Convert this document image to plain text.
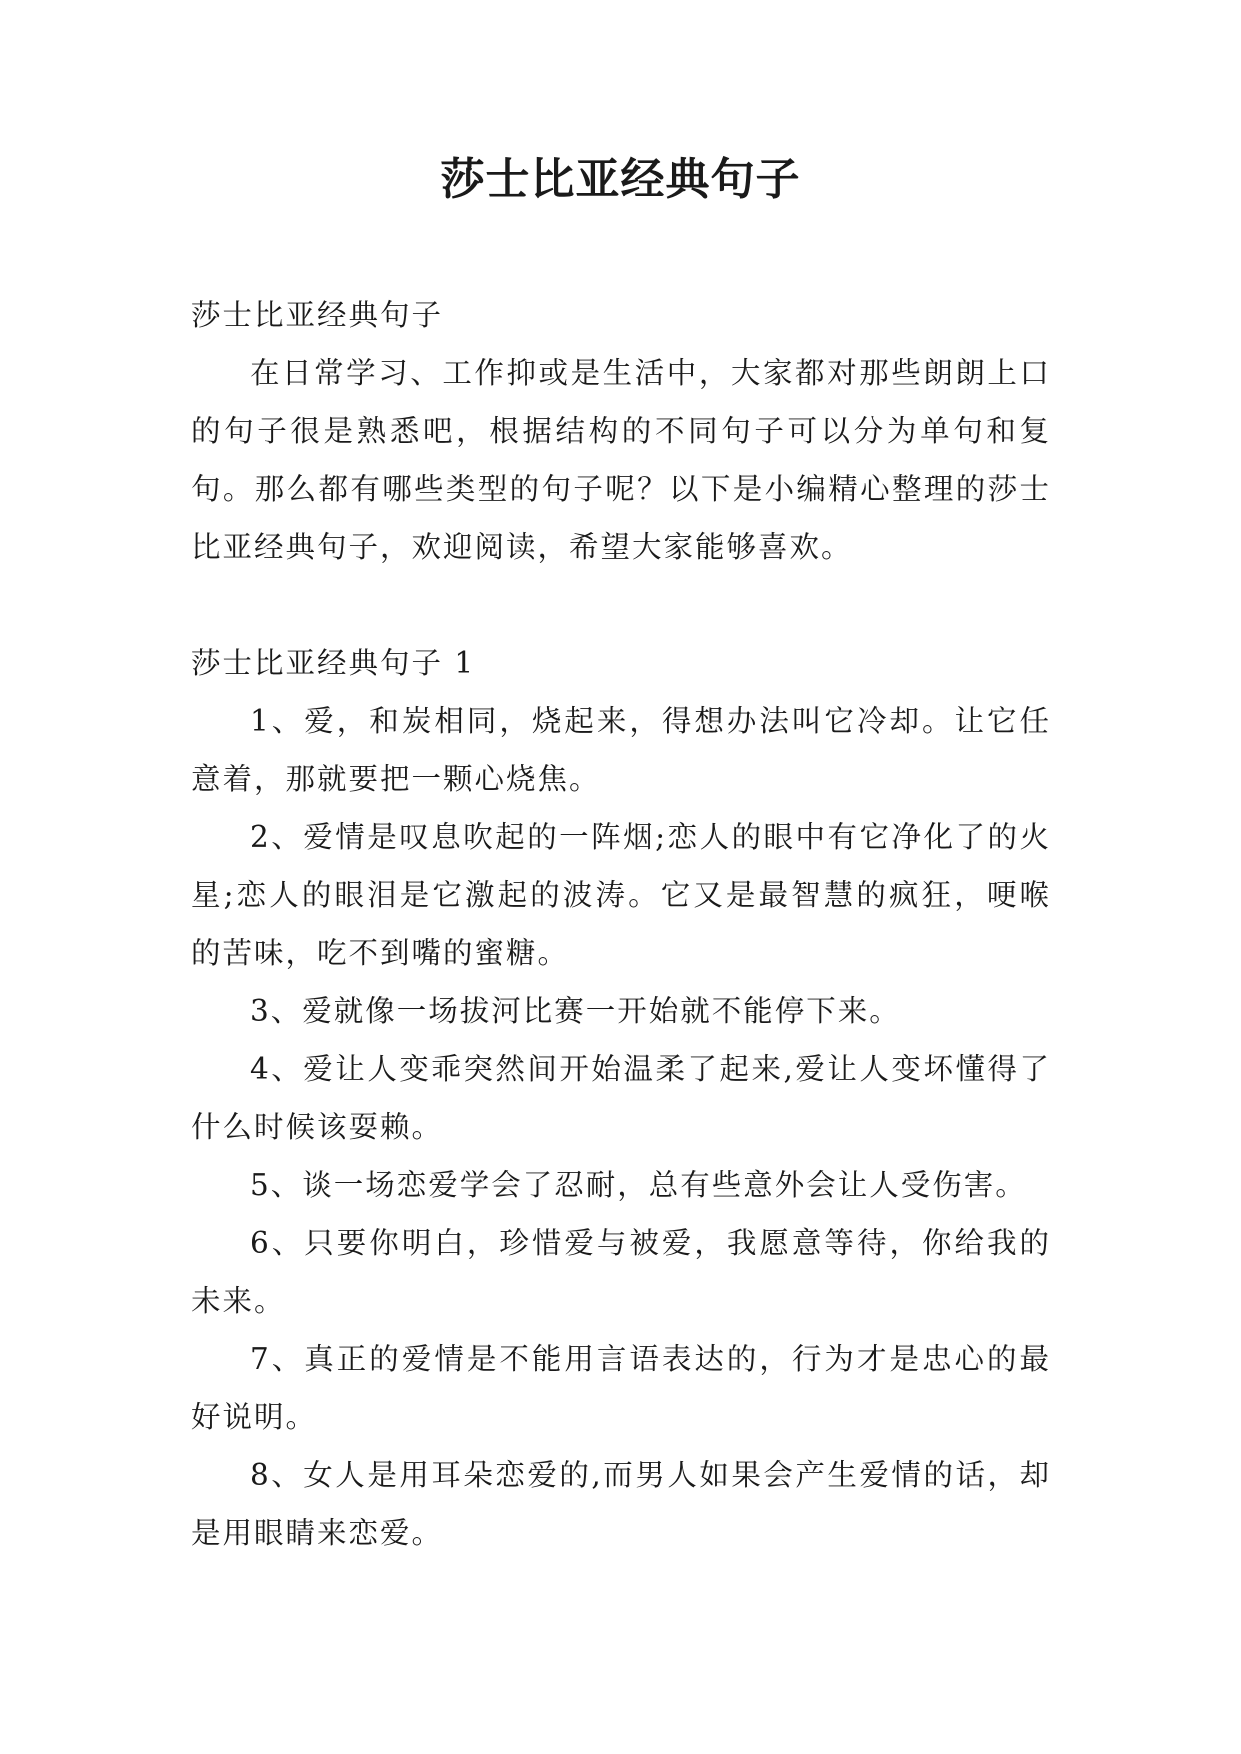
莎士比亚经典句子

莎士比亚经典句子

在日常学习、工作抑或是生活中，大家都对那些朗朗上口的句子很是熟悉吧，根据结构的不同句子可以分为单句和复句。那么都有哪些类型的句子呢？以下是小编精心整理的莎士比亚经典句子，欢迎阅读，希望大家能够喜欢。

莎士比亚经典句子 1

1、爱，和炭相同，烧起来，得想办法叫它冷却。让它任意着，那就要把一颗心烧焦。

2、爱情是叹息吹起的一阵烟;恋人的眼中有它净化了的火星;恋人的眼泪是它激起的波涛。它又是最智慧的疯狂，哽喉的苦味，吃不到嘴的蜜糖。

3、爱就像一场拔河比赛一开始就不能停下来。

4、爱让人变乖突然间开始温柔了起来,爱让人变坏懂得了什么时候该耍赖。

5、谈一场恋爱学会了忍耐，总有些意外会让人受伤害。

6、只要你明白，珍惜爱与被爱，我愿意等待，你给我的未来。

7、真正的爱情是不能用言语表达的，行为才是忠心的最好说明。

8、女人是用耳朵恋爱的,而男人如果会产生爱情的话，却是用眼睛来恋爱。
